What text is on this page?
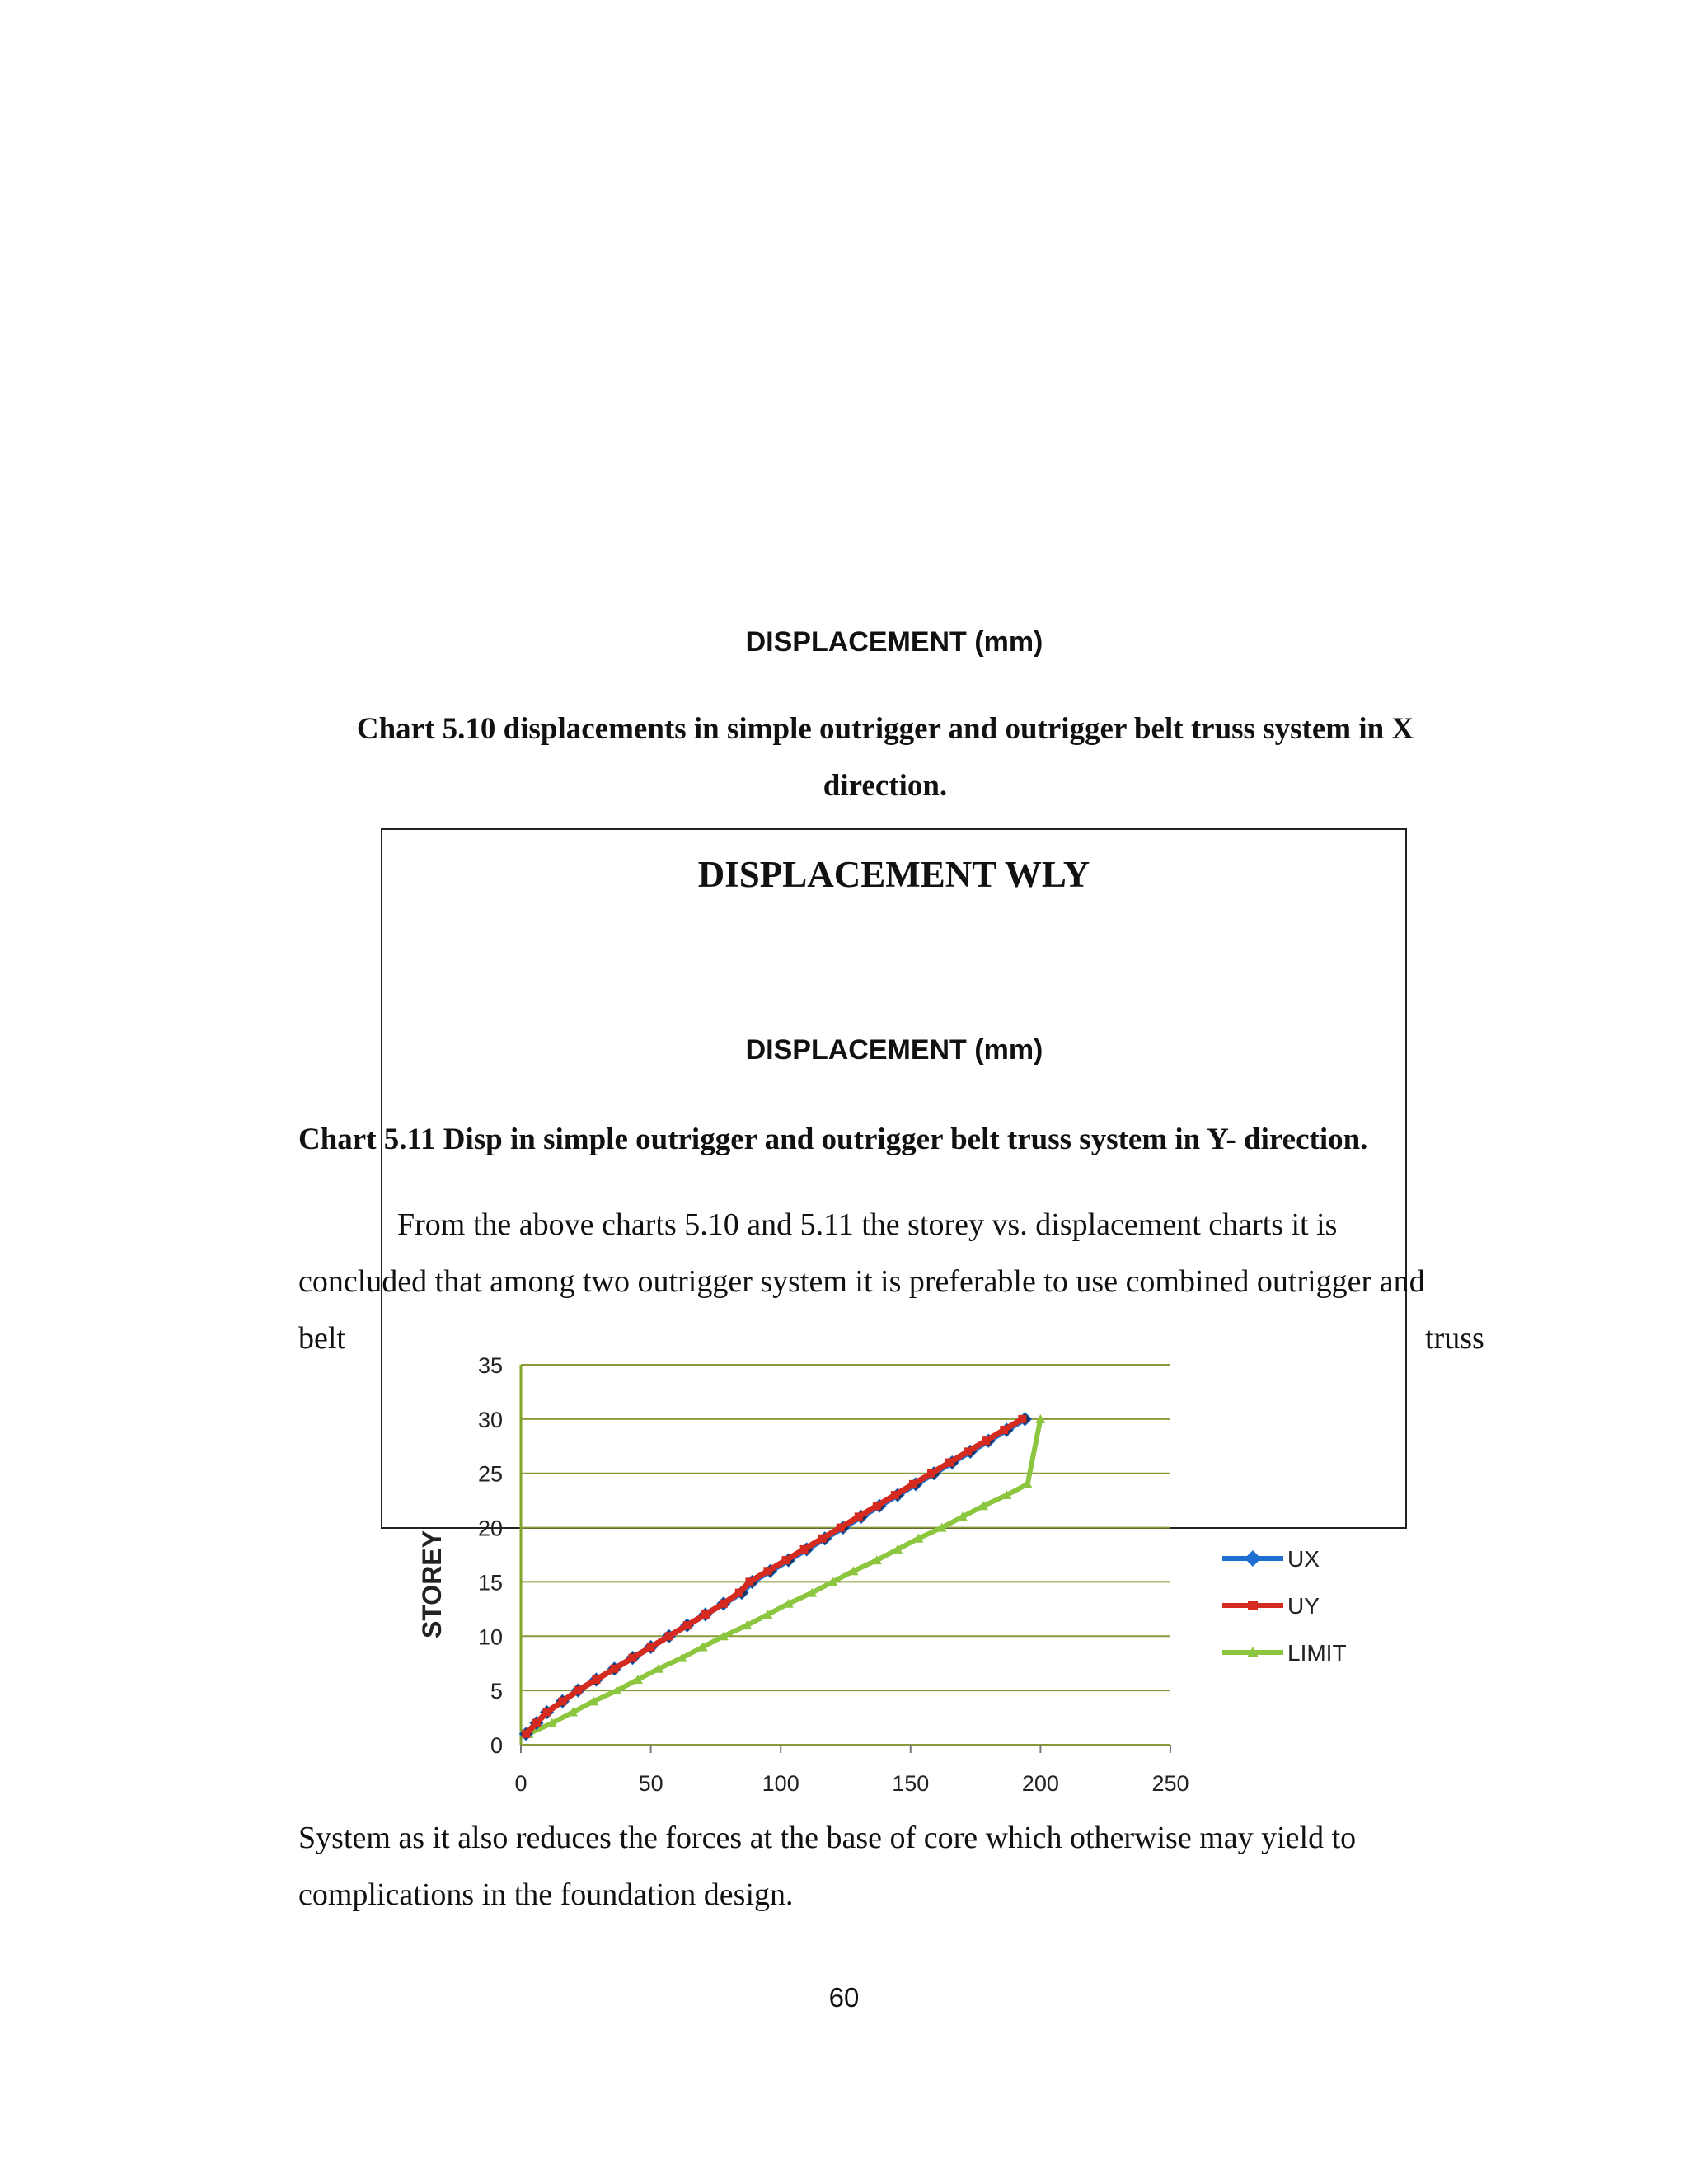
DISPLACEMENT (mm)
Chart 5.10 displacements in simple outrigger and outrigger belt truss system in X
direction.
DISPLACEMENT WLY
DISPLACEMENT (mm)
Chart 5.11 Disp in simple outrigger and outrigger belt truss system in Y- direction.
From the above charts 5.10 and 5.11 the storey vs. displacement charts it is
concluded that among two outrigger system it is preferable to use combined outrigger and
belt	truss
0
5
10
15
20
25
30
35
0	50	100	150	200	250
STOREY	UX
UY
LIMIT
System as it also reduces the forces at the base of core which otherwise may yield to
complications in the foundation design.
60
